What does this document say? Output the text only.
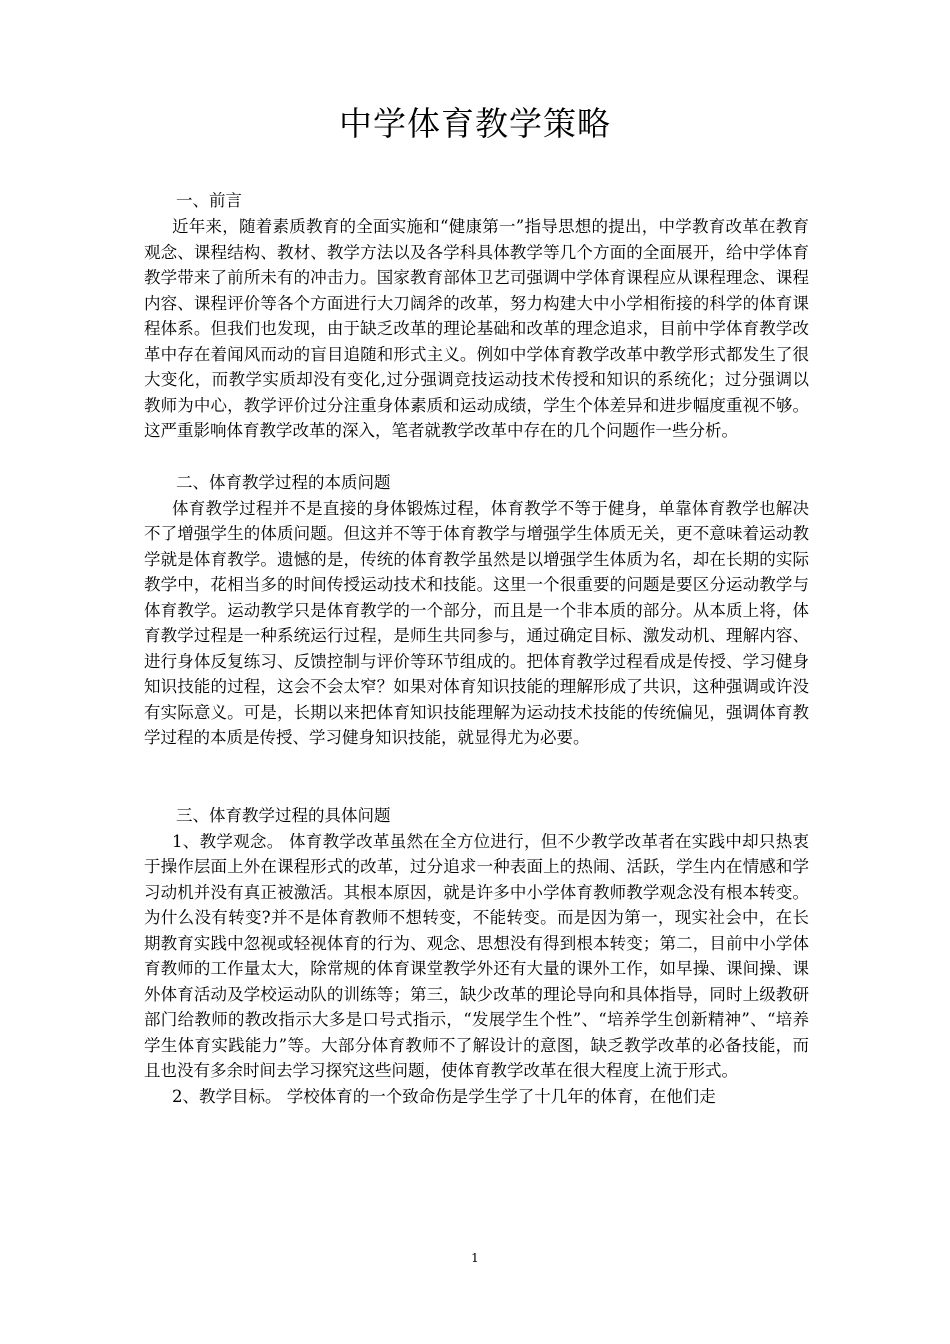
中学体育教学策略

一、前言

近年来，随着素质教育的全面实施和“健康第一”指导思想的提出，中学教育改革在教育观念、课程结构、教材、教学方法以及各学科具体教学等几个方面的全面展开，给中学体育教学带来了前所未有的冲击力。国家教育部体卫艺司强调中学体育课程应从课程理念、课程内容、课程评价等各个方面进行大刀阔斧的改革，努力构建大中小学相衔接的科学的体育课程体系。但我们也发现，由于缺乏改革的理论基础和改革的理念追求，目前中学体育教学改革中存在着闻风而动的盲目追随和形式主义。例如中学体育教学改革中教学形式都发生了很大变化，而教学实质却没有变化,过分强调竞技运动技术传授和知识的系统化；过分强调以教师为中心，教学评价过分注重身体素质和运动成绩，学生个体差异和进步幅度重视不够。这严重影响体育教学改革的深入，笔者就教学改革中存在的几个问题作一些分析。

二、体育教学过程的本质问题

体育教学过程并不是直接的身体锻炼过程，体育教学不等于健身，单靠体育教学也解决不了增强学生的体质问题。但这并不等于体育教学与增强学生体质无关，更不意味着运动教学就是体育教学。遗憾的是，传统的体育教学虽然是以增强学生体质为名，却在长期的实际教学中，花相当多的时间传授运动技术和技能。这里一个很重要的问题是要区分运动教学与体育教学。运动教学只是体育教学的一个部分，而且是一个非本质的部分。从本质上将，体育教学过程是一种系统运行过程，是师生共同参与，通过确定目标、激发动机、理解内容、进行身体反复练习、反馈控制与评价等环节组成的。把体育教学过程看成是传授、学习健身知识技能的过程，这会不会太窄？如果对体育知识技能的理解形成了共识，这种强调或许没有实际意义。可是，长期以来把体育知识技能理解为运动技术技能的传统偏见，强调体育教学过程的本质是传授、学习健身知识技能，就显得尤为必要。

三、体育教学过程的具体问题

1、教学观念。 体育教学改革虽然在全方位进行，但不少教学改革者在实践中却只热衷于操作层面上外在课程形式的改革，过分追求一种表面上的热闹、活跃，学生内在情感和学习动机并没有真正被激活。其根本原因，就是许多中小学体育教师教学观念没有根本转变。为什么没有转变?并不是体育教师不想转变，不能转变。而是因为第一，现实社会中，在长期教育实践中忽视或轻视体育的行为、观念、思想没有得到根本转变；第二，目前中小学体育教师的工作量太大，除常规的体育课堂教学外还有大量的课外工作，如早操、课间操、课外体育活动及学校运动队的训练等；第三，缺少改革的理论导向和具体指导，同时上级教研部门给教师的教改指示大多是口号式指示，“发展学生个性”、“培养学生创新精神”、“培养学生体育实践能力”等。大部分体育教师不了解设计的意图，缺乏教学改革的必备技能，而且也没有多余时间去学习探究这些问题，使体育教学改革在很大程度上流于形式。

2、教学目标。 学校体育的一个致命伤是学生学了十几年的体育，在他们走

1
